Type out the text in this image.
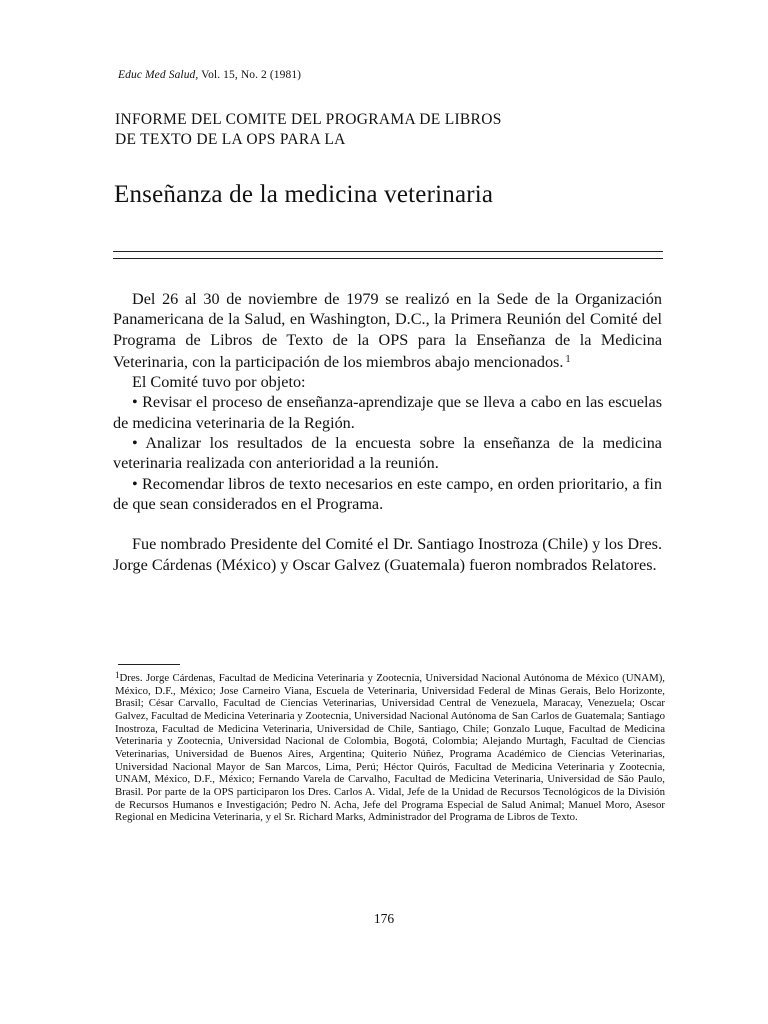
Educ Med Salud, Vol. 15, No. 2 (1981)
INFORME DEL COMITE DEL PROGRAMA DE LIBROS
DE TEXTO DE LA OPS PARA LA
Enseñanza de la medicina veterinaria

Del 26 al 30 de noviembre de 1979 se realizó en la Sede de la Organización Panamericana de la Salud, en Washington, D.C., la Primera Reunión del Comité del Programa de Libros de Texto de la OPS para la Enseñanza de la Medicina Veterinaria, con la participación de los miembros abajo mencionados. $^1$

El Comité tuvo por objeto:

• Revisar el proceso de enseñanza-aprendizaje que se lleva a cabo en las escuelas de medicina veterinaria de la Región.

• Analizar los resultados de la encuesta sobre la enseñanza de la medicina veterinaria realizada con anterioridad a la reunión.

• Recomendar libros de texto necesarios en este campo, en orden prioritario, a fin de que sean considerados en el Programa.

Fue nombrado Presidente del Comité el Dr. Santiago Inostroza (Chile) y los Dres. Jorge Cárdenas (México) y Oscar Galvez (Guatemala) fueron nombrados Relatores.

$^1$Dres. Jorge Cárdenas, Facultad de Medicina Veterinaria y Zootecnia, Universidad Nacional Autónoma de México (UNAM), México, D.F., México; Jose Carneiro Viana, Escuela de Veterinaria, Universidad Federal de Minas Gerais, Belo Horizonte, Brasil; César Carvallo, Facultad de Ciencias Veterinarias, Universidad Central de Venezuela, Maracay, Venezuela; Oscar Galvez, Facultad de Medicina Veterinaria y Zootecnia, Universidad Nacional Autónoma de San Carlos de Guatemala; Santiago Inostroza, Facultad de Medicina Veterinaria, Universidad de Chile, Santiago, Chile; Gonzalo Luque, Facultad de Medicina Veterinaria y Zootecnia, Universidad Nacional de Colombia, Bogotá, Colombia; Alejando Murtagh, Facultad de Ciencias Veterinarias, Universidad de Buenos Aires, Argentina; Quiterio Núñez, Programa Académico de Ciencias Veterinarias, Universidad Nacional Mayor de San Marcos, Lima, Perú; Héctor Quirós, Facultad de Medicina Veterinaria y Zootecnia, UNAM, México, D.F., México; Fernando Varela de Carvalho, Facultad de Medicina Veterinaria, Universidad de São Paulo, Brasil. Por parte de la OPS participaron los Dres. Carlos A. Vidal, Jefe de la Unidad de Recursos Tecnológicos de la División de Recursos Humanos e Investigación; Pedro N. Acha, Jefe del Programa Especial de Salud Animal; Manuel Moro, Asesor Regional en Medicina Veterinaria, y el Sr. Richard Marks, Administrador del Programa de Libros de Texto.
176
